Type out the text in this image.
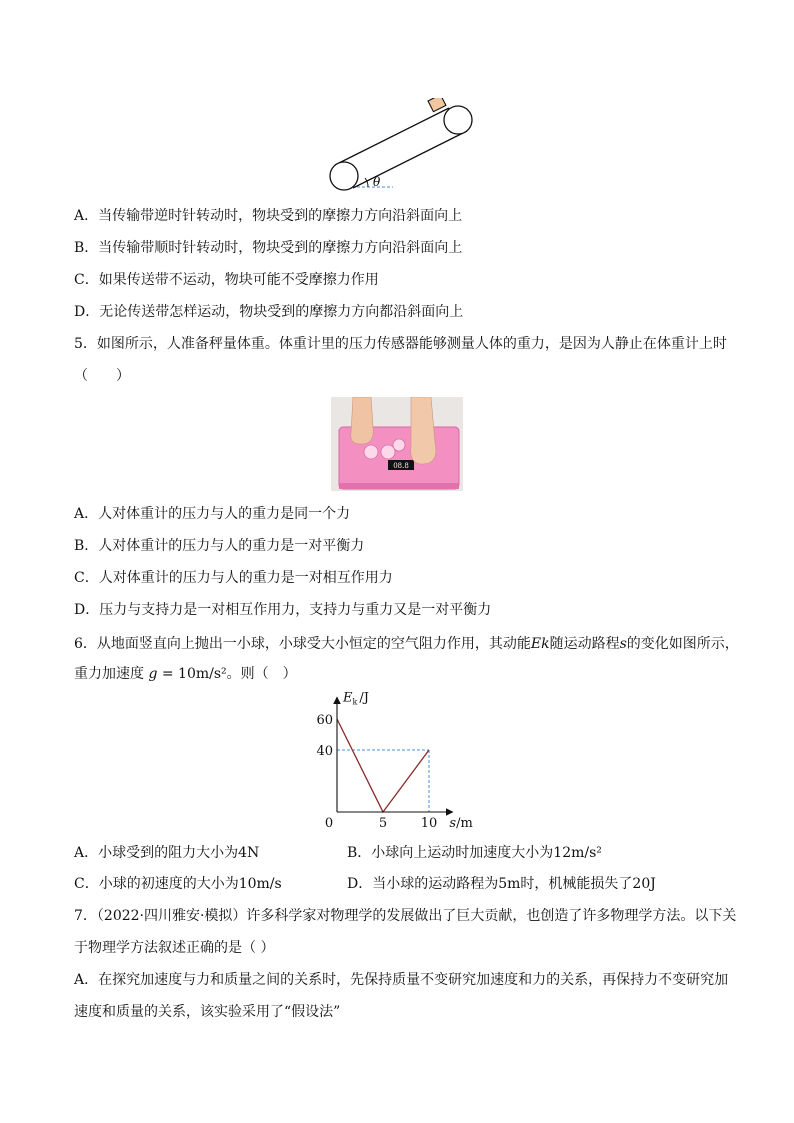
θ
A．当传输带逆时针转动时，物块受到的摩擦力方向沿斜面向上
B．当传输带顺时针转动时，物块受到的摩擦力方向沿斜面向上
C．如果传送带不运动，物块可能不受摩擦力作用
D．无论传送带怎样运动，物块受到的摩擦力方向都沿斜面向上
5．如图所示，人准备秤量体重。体重计里的压力传感器能够测量人体的重力，是因为人静止在体重计上时
（　　）
08.8
A．人对体重计的压力与人的重力是同一个力
B．人对体重计的压力与人的重力是一对平衡力
C．人对体重计的压力与人的重力是一对相互作用力
D．压力与支持力是一对相互作用力，支持力与重力又是一对平衡力
6．从地面竖直向上抛出一小球，小球受大小恒定的空气阻力作用，其动能Ek随运动路程s的变化如图所示，
重力加速度 g = 10m/s²。则（　）
5	10
40
60
0
$E_k$ /J
s/m
A．小球受到的阻力大小为4N	B．小球向上运动时加速度大小为12m/s²
C．小球的初速度的大小为10m/s	D．当小球的运动路程为5m时，机械能损失了20J
7．（2022·四川雅安·模拟）许多科学家对物理学的发展做出了巨大贡献，也创造了许多物理学方法。以下关
于物理学方法叙述正确的是（ ）
A．在探究加速度与力和质量之间的关系时，先保持质量不变研究加速度和力的关系，再保持力不变研究加
速度和质量的关系，该实验采用了“假设法”
